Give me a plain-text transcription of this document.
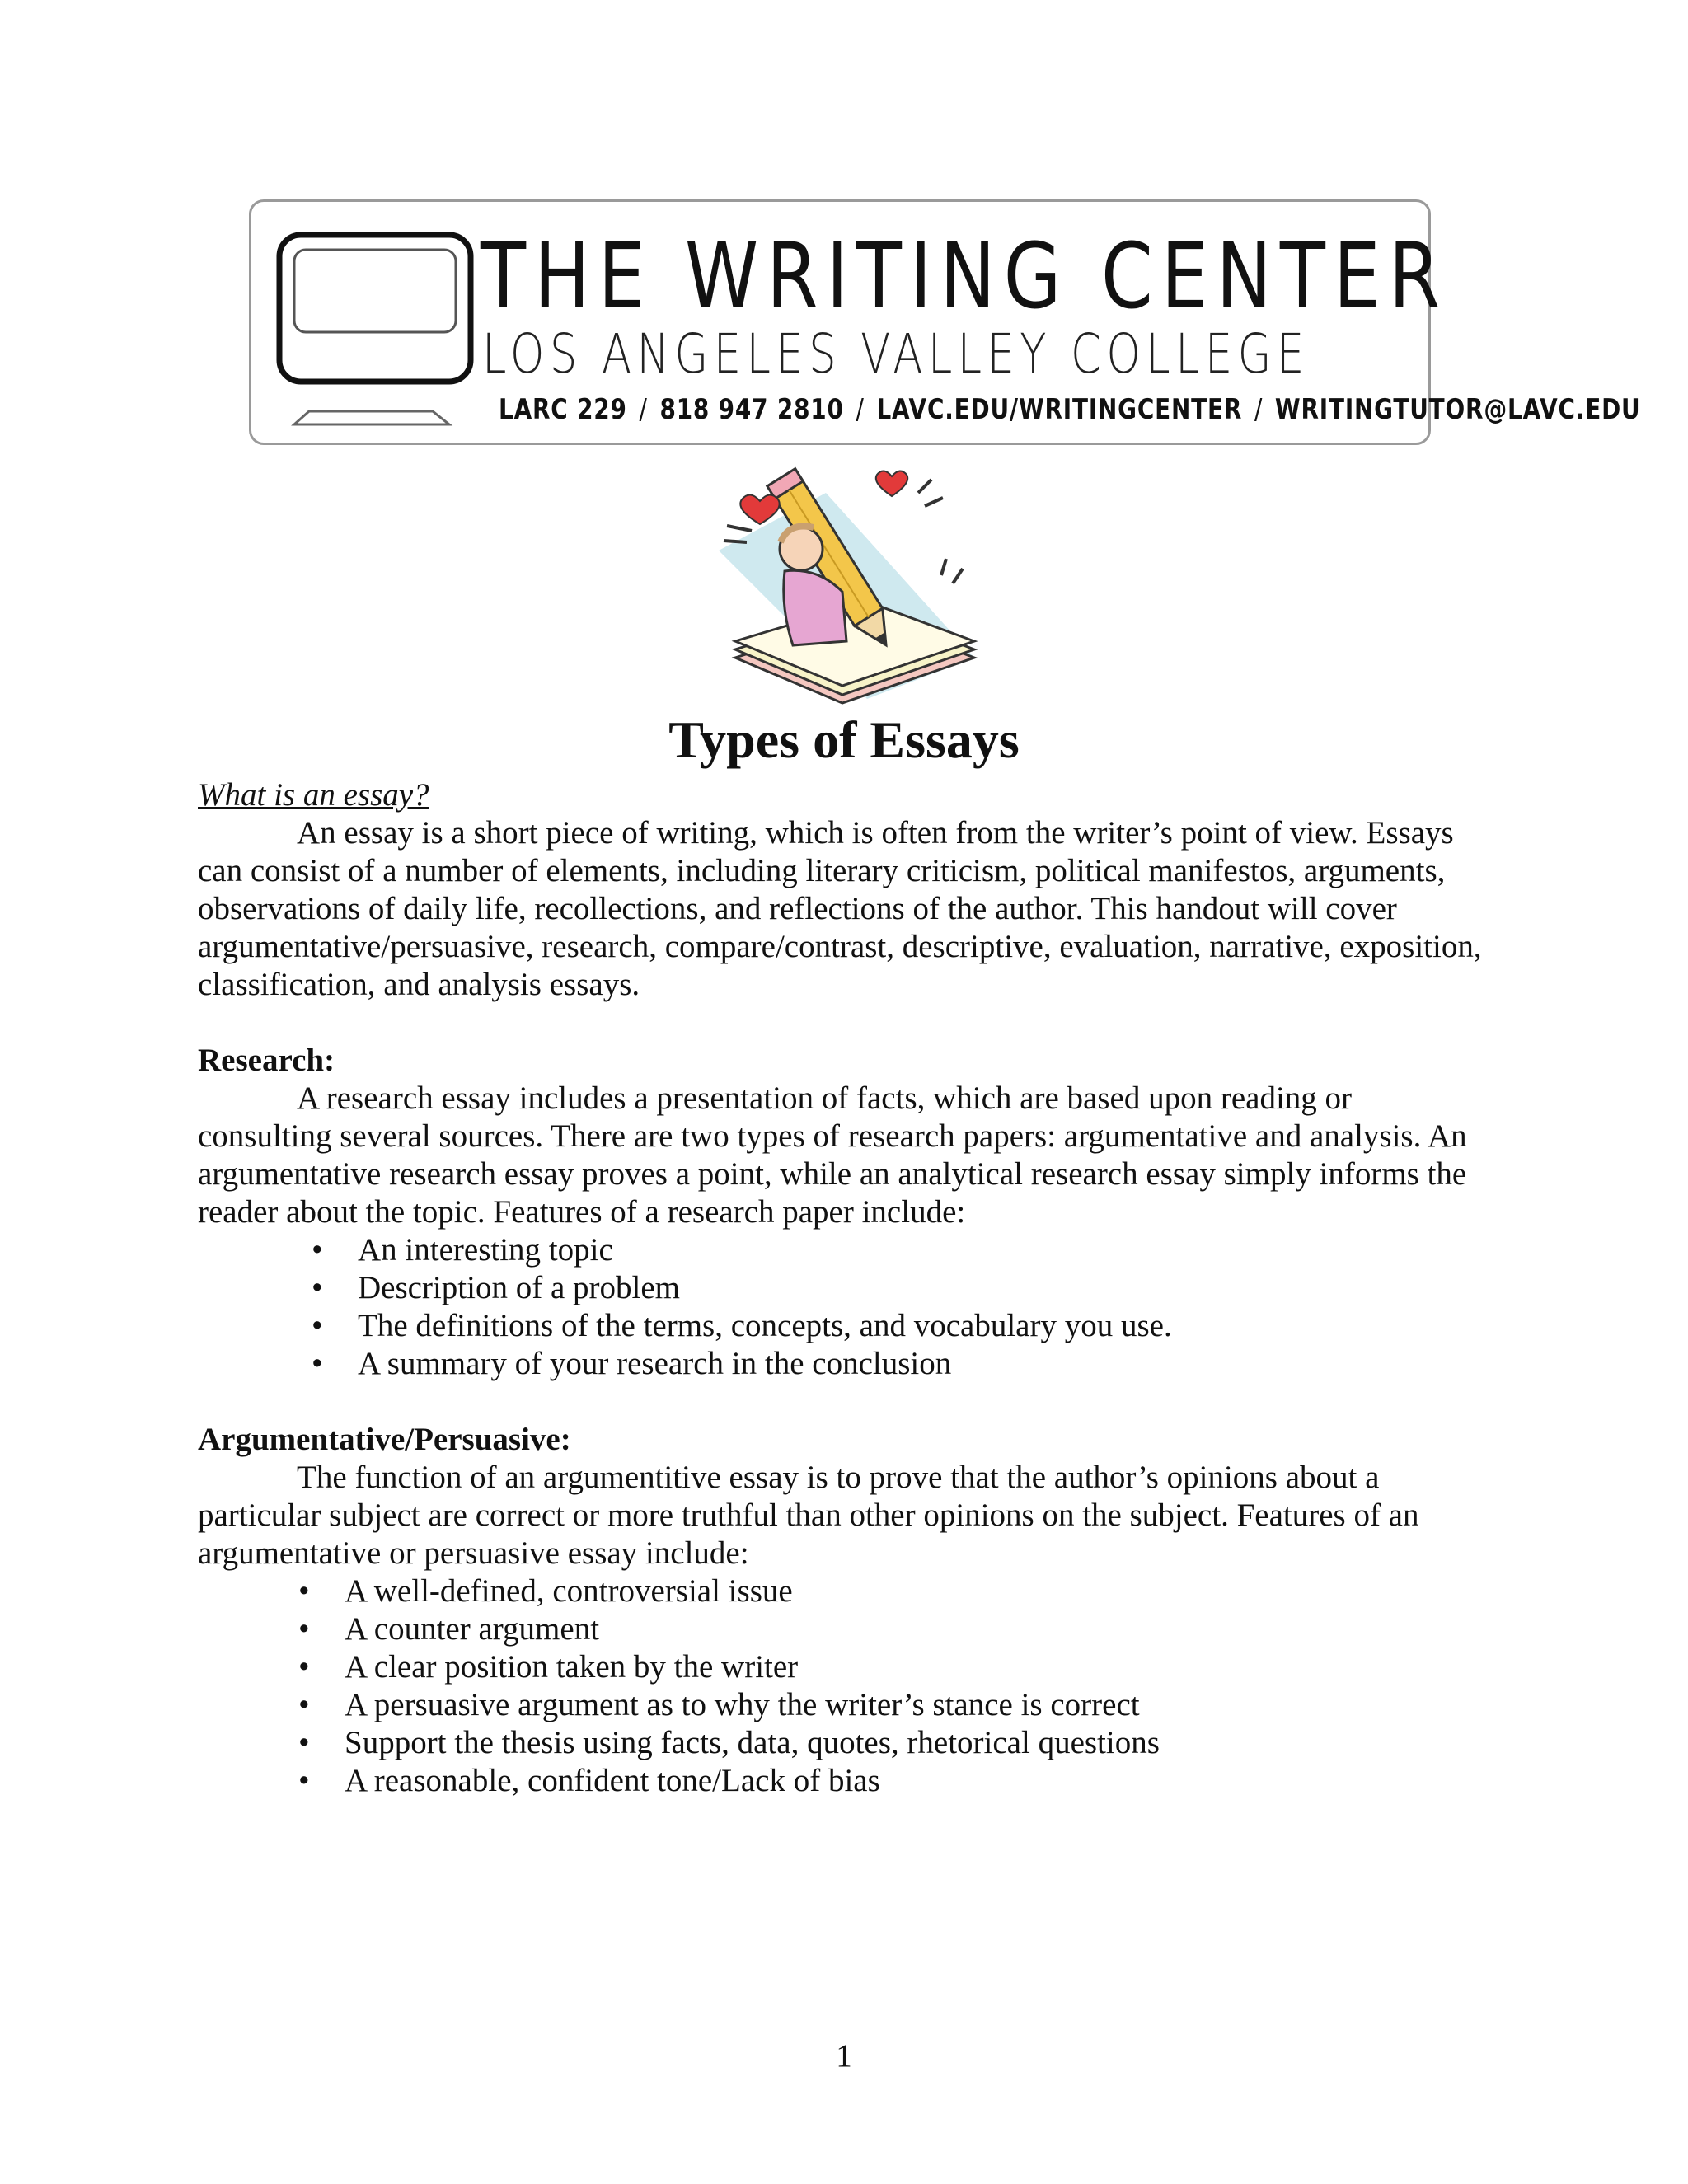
THE WRITING CENTER
LOS ANGELES VALLEY COLLEGE
LARC 229 / 818 947 2810 / LAVC.EDU/WRITINGCENTER / WRITINGTUTOR@LAVC.EDU
Types of Essays
What is an essay?

An essay is a short piece of writing, which is often from the writer’s point of view. Essays can consist of a number of elements, including literary criticism, political manifestos, arguments, observations of daily life, recollections, and reflections of the author. This handout will cover argumentative/persuasive, research, compare/contrast, descriptive, evaluation, narrative, exposition, classification, and analysis essays.

Research:

A research essay includes a presentation of facts, which are based upon reading or consulting several sources. There are two types of research papers: argumentative and analysis. An argumentative research essay proves a point, while an analytical research essay simply informs the reader about the topic. Features of a research paper include:

• An interesting topic
• Description of a problem
• The definitions of the terms, concepts, and vocabulary you use.
• A summary of your research in the conclusion

Argumentative/Persuasive:

The function of an argumentitive essay is to prove that the author’s opinions about a particular subject are correct or more truthful than other opinions on the subject. Features of an argumentative or persuasive essay include:

• A well-defined, controversial issue
• A counter argument
• A clear position taken by the writer
• A persuasive argument as to why the writer’s stance is correct
• Support the thesis using facts, data, quotes, rhetorical questions
• A reasonable, confident tone/Lack of bias
1
